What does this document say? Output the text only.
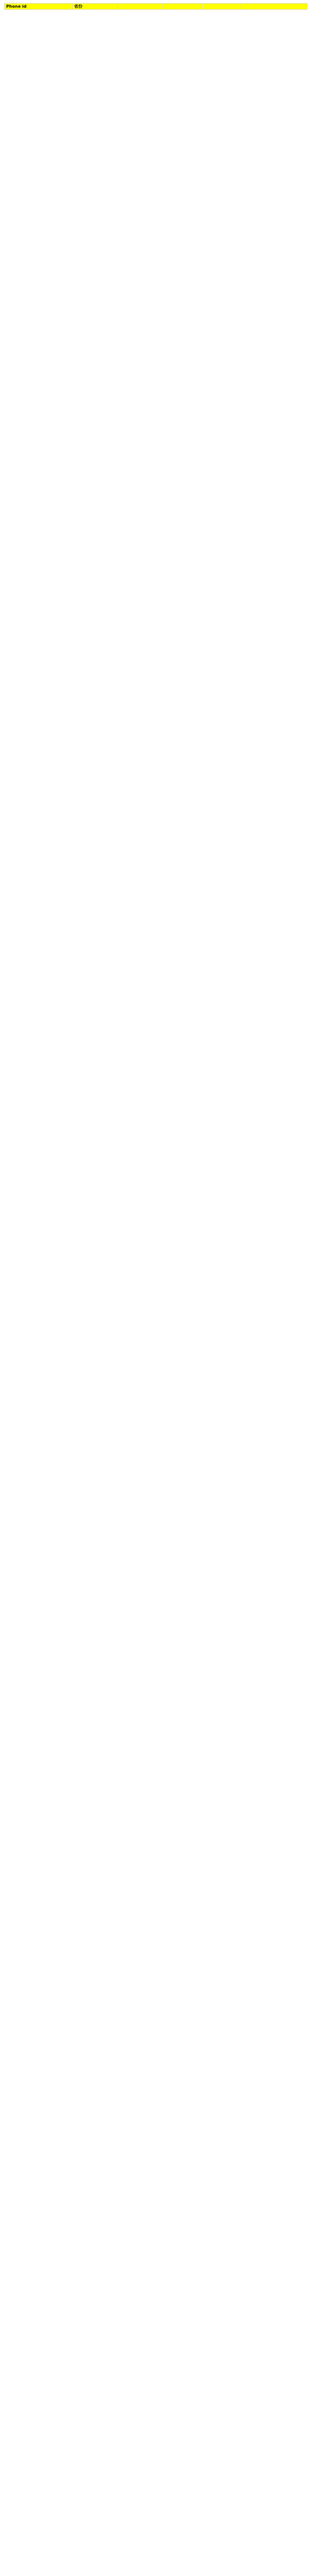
Phone id	省份				
